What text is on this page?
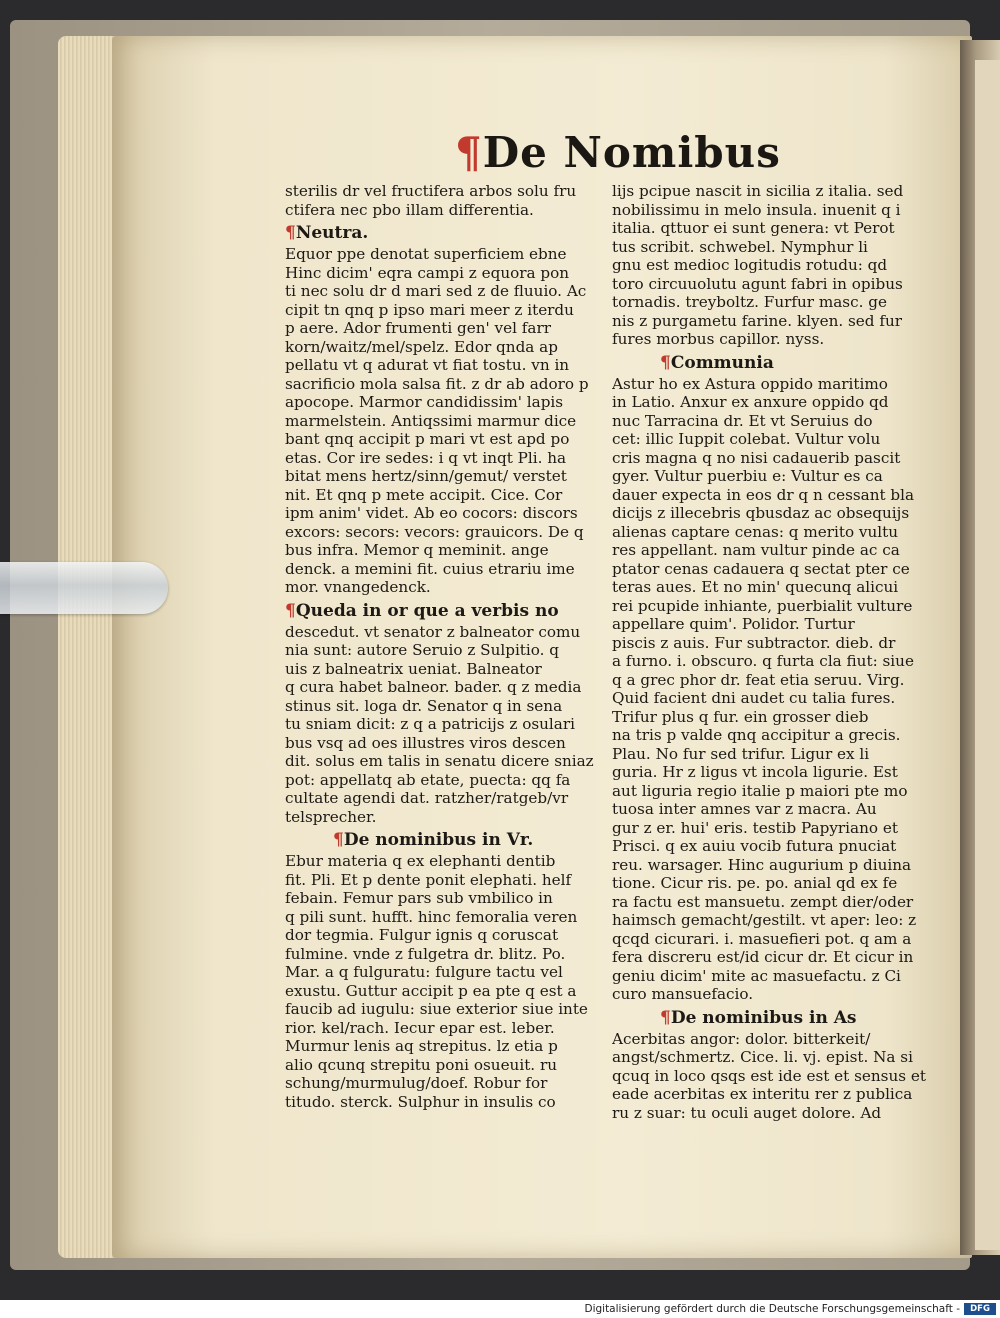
¶De Nomibus
sterilis dr vel fructifera arbos solu fru
ctifera nec pbo illam differentia.
¶Neutra.
Equor ppe denotat superficiem ebne
Hinc dicim' eqra campi z equora pon
ti nec solu dr d mari sed z de fluuio. Ac
cipit tn qnq p ipso mari meer z iterdu
p aere. Ador frumenti gen' vel farr
korn/waitz/mel/spelz. Edor qnda ap
pellatu vt q adurat vt fiat tostu. vn in
sacrificio mola salsa fit. z dr ab adoro p
apocope. Marmor candidissim' lapis
marmelstein. Antiqssimi marmur dice
bant qnq accipit p mari vt est apd po
etas. Cor ire sedes: i q vt inqt Pli. ha
bitat mens hertz/sinn/gemut/ verstet
nit. Et qnq p mete accipit. Cice. Cor
ipm anim' videt. Ab eo cocors: discors
excors: secors: vecors: grauicors. De q
bus infra. Memor q meminit. ange
denck. a memini fit. cuius etrariu ime
mor. vnangedenck.
¶Queda in or que a verbis no
descedut. vt senator z balneator comu
nia sunt: autore Seruio z Sulpitio. q
uis z balneatrix ueniat. Balneator
q cura habet balneor. bader. q z media
stinus sit. loga dr. Senator q in sena
tu sniam dicit: z q a patricijs z osulari
bus vsq ad oes illustres viros descen
dit. solus em talis in senatu dicere sniaz
pot: appellatq ab etate, puecta: qq fa
cultate agendi dat. ratzher/ratgeb/vr
telsprecher.
¶De nominibus in Vr.
Ebur materia q ex elephanti dentib
fit. Pli. Et p dente ponit elephati. helf
febain. Femur pars sub vmbilico in
q pili sunt. hufft. hinc femoralia veren
dor tegmia. Fulgur ignis q coruscat
fulmine. vnde z fulgetra dr. blitz. Po.
Mar. a q fulguratu: fulgure tactu vel
exustu. Guttur accipit p ea pte q est a
faucib ad iugulu: siue exterior siue inte
rior. kel/rach. Iecur epar est. leber.
Murmur lenis aq strepitus. lz etia p
alio qcunq strepitu poni osueuit. ru
schung/murmulug/doef. Robur for
titudo. sterck. Sulphur in insulis co
lijs pcipue nascit in sicilia z italia. sed
nobilissimu in melo insula. inuenit q i
italia. qttuor ei sunt genera: vt Perot
tus scribit. schwebel. Nymphur li
gnu est medioc logitudis rotudu: qd
toro circuuolutu agunt fabri in opibus
tornadis. treyboltz. Furfur masc. ge
nis z purgametu farine. klyen. sed fur
fures morbus capillor. nyss.
¶Communia
Astur ho ex Astura oppido maritimo
in Latio. Anxur ex anxure oppido qd
nuc Tarracina dr. Et vt Seruius do
cet: illic Iuppit colebat. Vultur volu
cris magna q no nisi cadauerib pascit
gyer. Vultur puerbiu e: Vultur es ca
dauer expecta in eos dr q n cessant bla
dicijs z illecebris qbusdaz ac obsequijs
alienas captare cenas: q merito vultu
res appellant. nam vultur pinde ac ca
ptator cenas cadauera q sectat pter ce
teras aues. Et no min' quecunq alicui
rei pcupide inhiante, puerbialit vulture
appellare quim'. Polidor. Turtur
piscis z auis. Fur subtractor. dieb. dr
a furno. i. obscuro. q furta cla fiut: siue
q a grec phor dr. feat etia seruu. Virg.
Quid facient dni audet cu talia fures.
Trifur plus q fur. ein grosser dieb
na tris p valde qnq accipitur a grecis.
Plau. No fur sed trifur. Ligur ex li
guria. Hr z ligus vt incola ligurie. Est
aut liguria regio italie p maiori pte mo
tuosa inter amnes var z macra. Au
gur z er. hui' eris. testib Papyriano et
Prisci. q ex auiu vocib futura pnuciat
reu. warsager. Hinc augurium p diuina
tione. Cicur ris. pe. po. anial qd ex fe
ra factu est mansuetu. zempt dier/oder
haimsch gemacht/gestilt. vt aper: leo: z
qcqd cicurari. i. masuefieri pot. q am a
fera discreru est/id cicur dr. Et cicur in
geniu dicim' mite ac masuefactu. z Ci
curo mansuefacio.
¶De nominibus in As
Acerbitas angor: dolor. bitterkeit/
angst/schmertz. Cice. li. vj. epist. Na si
qcuq in loco qsqs est ide est et sensus et
eade acerbitas ex interitu rer z publica
ru z suar: tu oculi auget dolore. Ad
Digitalisierung gefördert durch die Deutsche Forschungsgemeinschaft -	DFG
